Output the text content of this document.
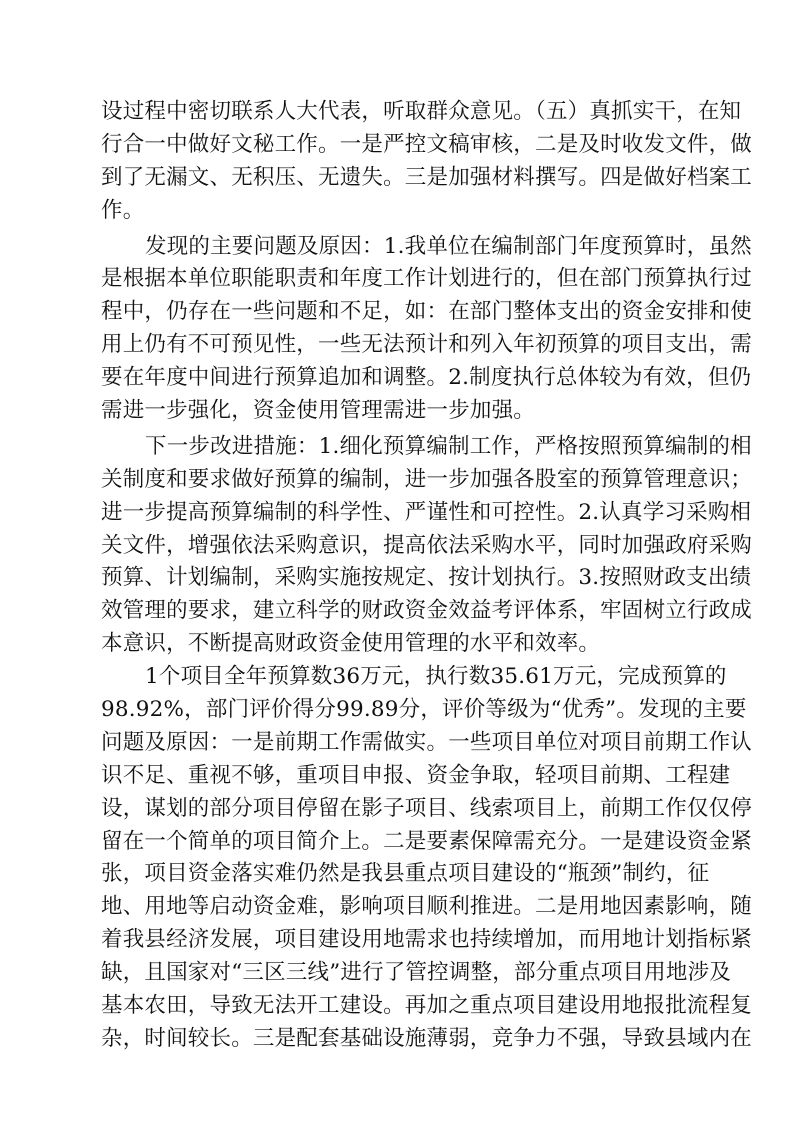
设过程中密切联系人大代表，听取群众意见。（五）真抓实干，在知
行合一中做好文秘工作。一是严控文稿审核，二是及时收发文件，做
到了无漏文、无积压、无遗失。三是加强材料撰写。四是做好档案工
作。
发现的主要问题及原因：1.我单位在编制部门年度预算时，虽然
是根据本单位职能职责和年度工作计划进行的，但在部门预算执行过
程中，仍存在一些问题和不足，如：在部门整体支出的资金安排和使
用上仍有不可预见性，一些无法预计和列入年初预算的项目支出，需
要在年度中间进行预算追加和调整。2.制度执行总体较为有效，但仍
需进一步强化，资金使用管理需进一步加强。
下一步改进措施：1.细化预算编制工作，严格按照预算编制的相
关制度和要求做好预算的编制，进一步加强各股室的预算管理意识；
进一步提高预算编制的科学性、严谨性和可控性。2.认真学习采购相
关文件，增强依法采购意识，提高依法采购水平，同时加强政府采购
预算、计划编制，采购实施按规定、按计划执行。3.按照财政支出绩
效管理的要求，建立科学的财政资金效益考评体系，牢固树立行政成
本意识，不断提高财政资金使用管理的水平和效率。
1个项目全年预算数36万元，执行数35.61万元，完成预算的
98.92%，部门评价得分99.89分，评价等级为“优秀”。发现的主要
问题及原因：一是前期工作需做实。一些项目单位对项目前期工作认
识不足、重视不够，重项目申报、资金争取，轻项目前期、工程建
设，谋划的部分项目停留在影子项目、线索项目上，前期工作仅仅停
留在一个简单的项目简介上。二是要素保障需充分。一是建设资金紧
张，项目资金落实难仍然是我县重点项目建设的“瓶颈”制约，征
地、用地等启动资金难，影响项目顺利推进。二是用地因素影响，随
着我县经济发展，项目建设用地需求也持续增加，而用地计划指标紧
缺，且国家对“三区三线”进行了管控调整，部分重点项目用地涉及
基本农田，导致无法开工建设。再加之重点项目建设用地报批流程复
杂，时间较长。三是配套基础设施薄弱，竞争力不强，导致县域内在
